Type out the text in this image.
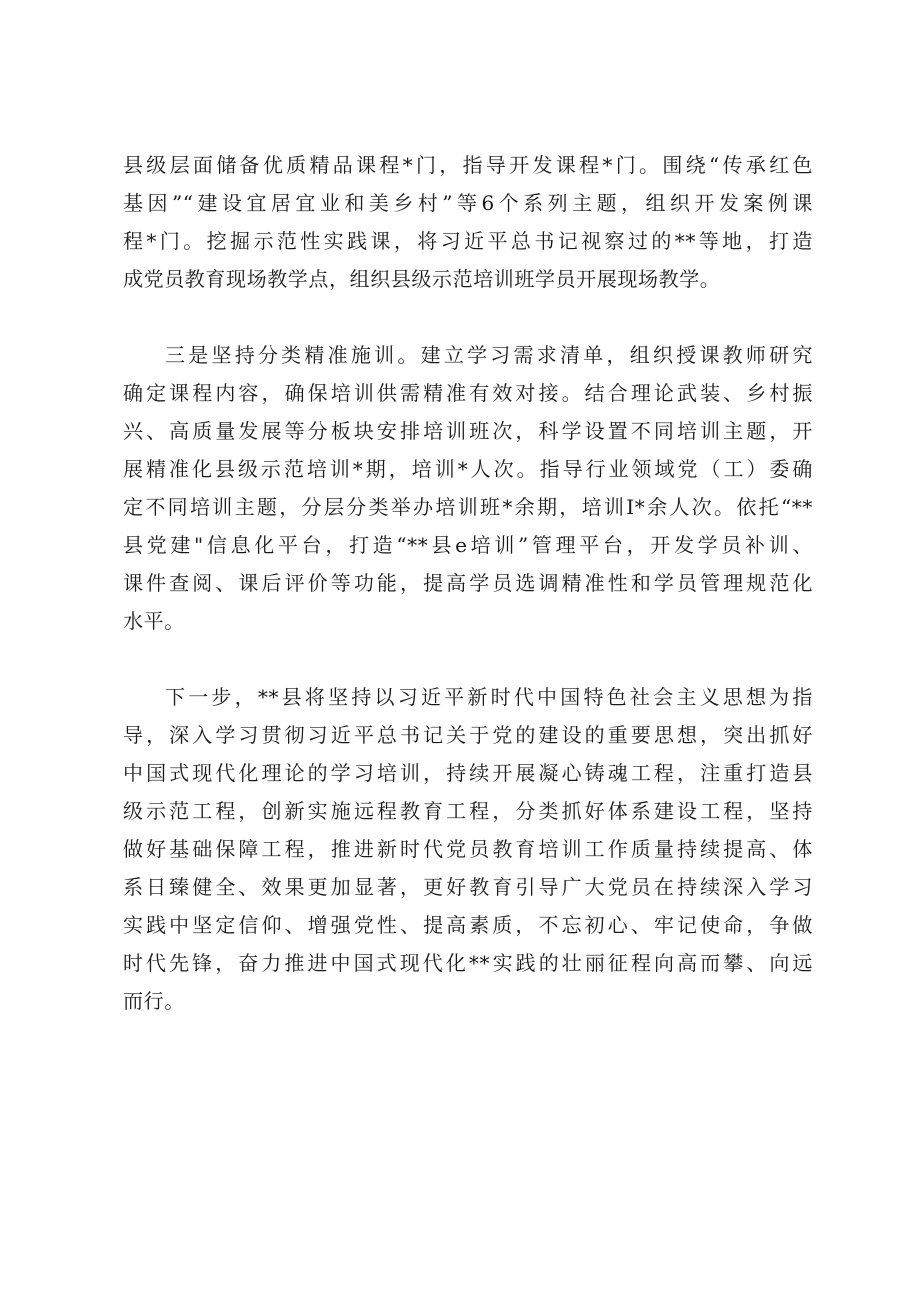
县级层面储备优质精品课程*门，指导开发课程*门。围绕“传承红色
基因”“建设宜居宜业和美乡村”等6个系列主题，组织开发案例课
程*门。挖掘示范性实践课，将习近平总书记视察过的**等地，打造
成党员教育现场教学点，组织县级示范培训班学员开展现场教学。
三是坚持分类精准施训。建立学习需求清单，组织授课教师研究
确定课程内容，确保培训供需精准有效对接。结合理论武装、乡村振
兴、高质量发展等分板块安排培训班次，科学设置不同培训主题，开
展精准化县级示范培训*期，培训*人次。指导行业领域党（工）委确
定不同培训主题，分层分类举办培训班*余期，培训I*余人次。依托“**
县党建"信息化平台，打造“**县e培训”管理平台，开发学员补训、
课件查阅、课后评价等功能，提高学员选调精准性和学员管理规范化
水平。
下一步，**县将坚持以习近平新时代中国特色社会主义思想为指
导，深入学习贯彻习近平总书记关于党的建设的重要思想，突出抓好
中国式现代化理论的学习培训，持续开展凝心铸魂工程，注重打造县
级示范工程，创新实施远程教育工程，分类抓好体系建设工程，坚持
做好基础保障工程，推进新时代党员教育培训工作质量持续提高、体
系日臻健全、效果更加显著，更好教育引导广大党员在持续深入学习
实践中坚定信仰、增强党性、提高素质，不忘初心、牢记使命，争做
时代先锋，奋力推进中国式现代化**实践的壮丽征程向高而攀、向远
而行。
